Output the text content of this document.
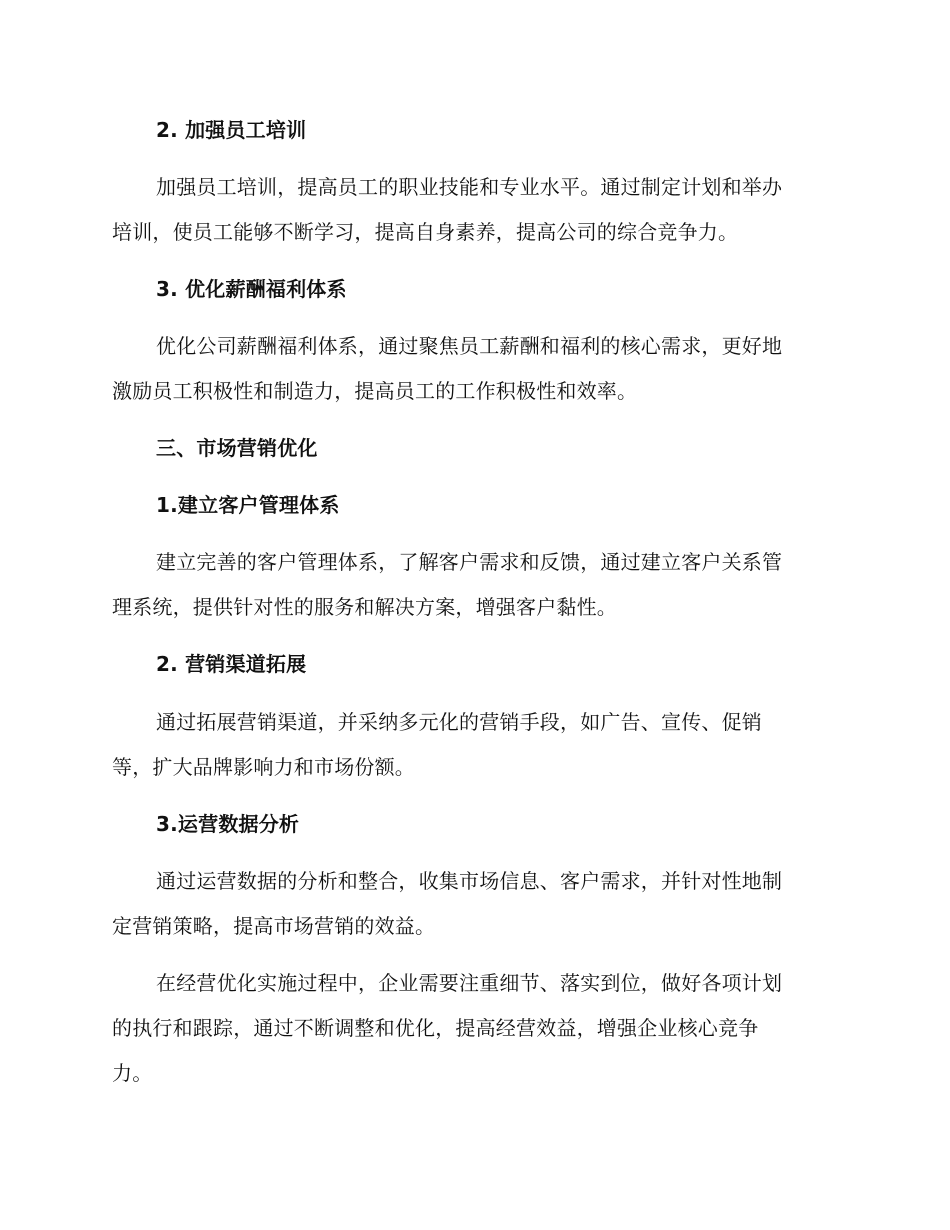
2. 加强员工培训
加强员工培训，提高员工的职业技能和专业水平。通过制定计划和举办
培训，使员工能够不断学习，提高自身素养，提高公司的综合竞争力。
3. 优化薪酬福利体系
优化公司薪酬福利体系，通过聚焦员工薪酬和福利的核心需求，更好地
激励员工积极性和制造力，提高员工的工作积极性和效率。
三、市场营销优化
1.建立客户管理体系
建立完善的客户管理体系，了解客户需求和反馈，通过建立客户关系管
理系统，提供针对性的服务和解决方案，增强客户黏性。
2. 营销渠道拓展
通过拓展营销渠道，并采纳多元化的营销手段，如广告、宣传、促销
等，扩大品牌影响力和市场份额。
3.运营数据分析
通过运营数据的分析和整合，收集市场信息、客户需求，并针对性地制
定营销策略，提高市场营销的效益。
在经营优化实施过程中，企业需要注重细节、落实到位，做好各项计划
的执行和跟踪，通过不断调整和优化，提高经营效益，增强企业核心竞争
力。
